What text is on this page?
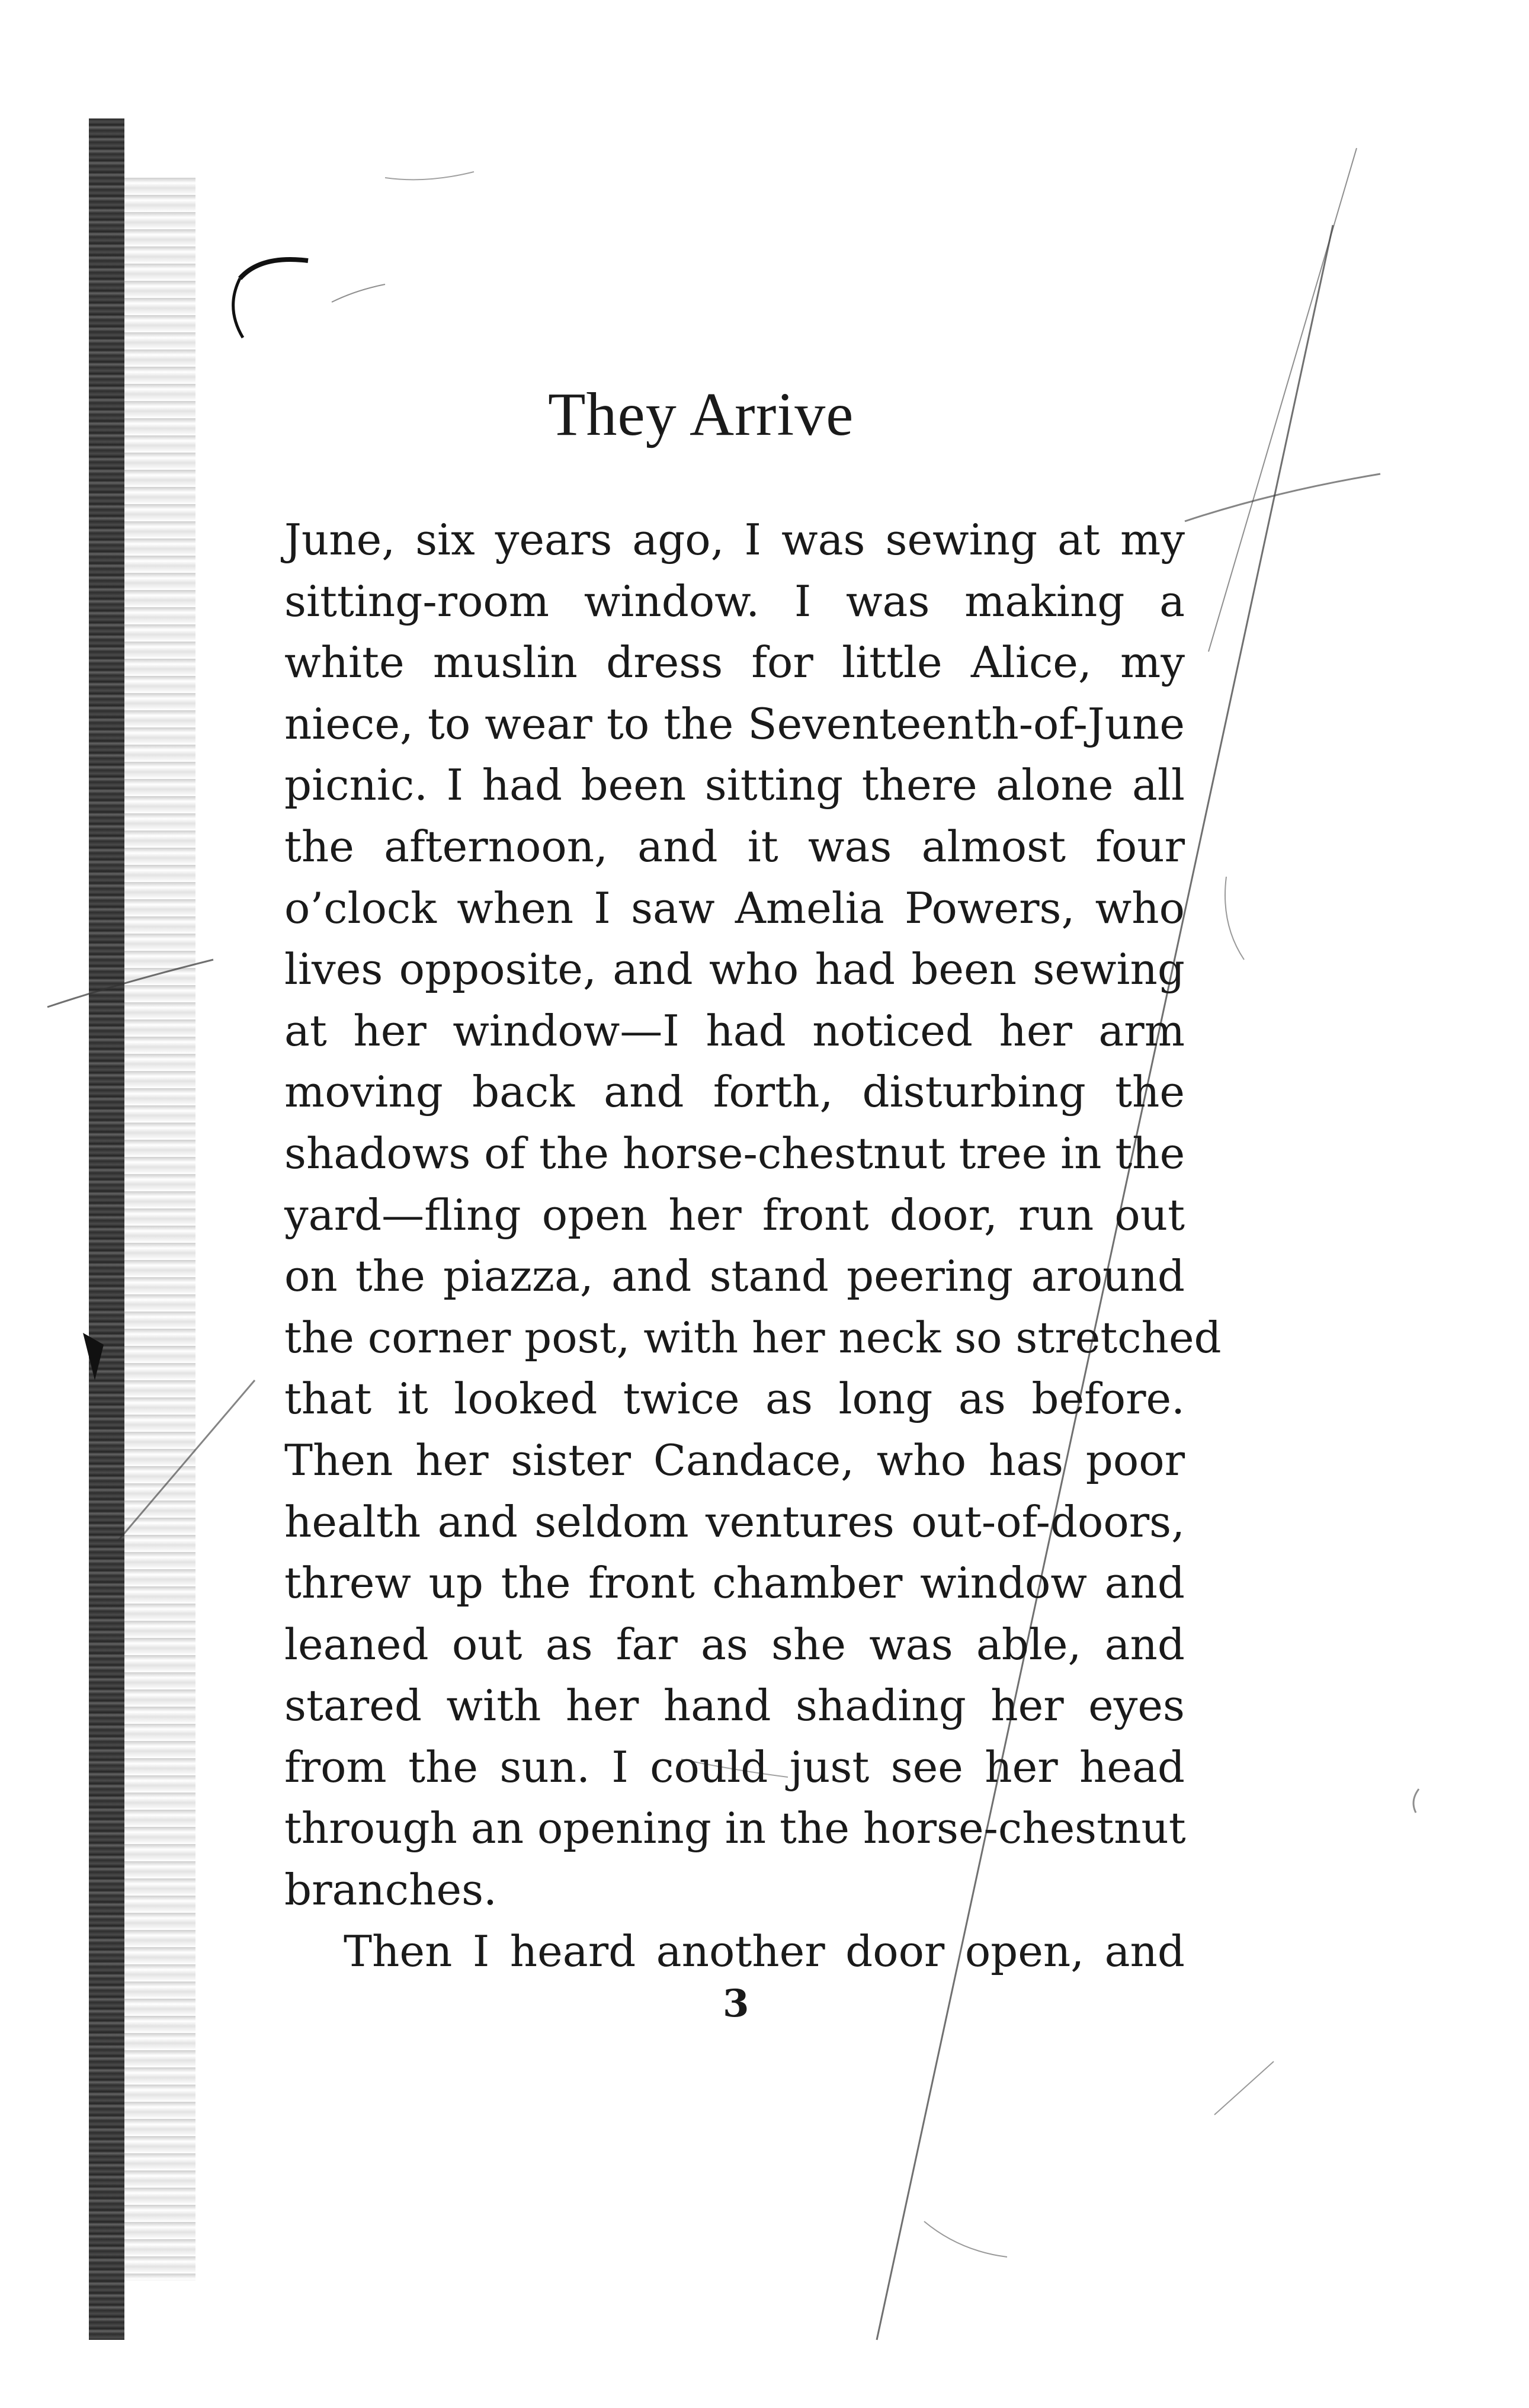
They Arrive
June, six years ago, I was sewing at my
sitting-room window. I was making a
white muslin dress for little Alice, my
niece, to wear to the Seventeenth-of-June
picnic. I had been sitting there alone all
the afternoon, and it was almost four
o’clock when I saw Amelia Powers, who
lives opposite, and who had been sewing
at her window—I had noticed her arm
moving back and forth, disturbing the
shadows of the horse-chestnut tree in the
yard—fling open her front door, run out
on the piazza, and stand peering around
the corner post, with her neck so stretched
that it looked twice as long as before.
Then her sister Candace, who has poor
health and seldom ventures out-of-doors,
threw up the front chamber window and
leaned out as far as she was able, and
stared with her hand shading her eyes
from the sun. I could just see her head
through an opening in the horse-chestnut
branches.
Then I heard another door open, and
3
